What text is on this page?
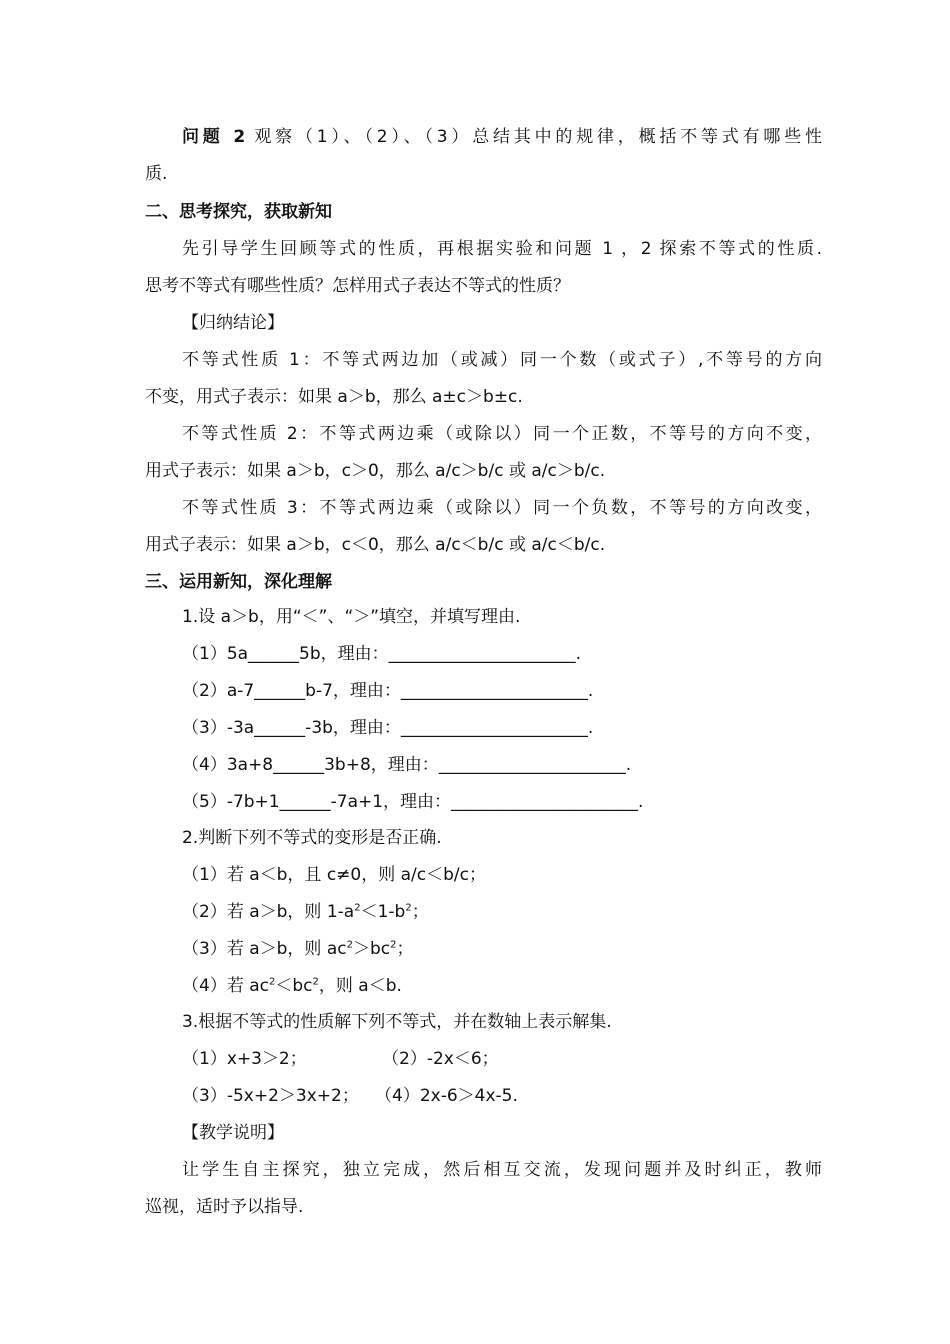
问题 2 观察（1）、（2）、（3）总结其中的规律，概括不等式有哪些性
质.
二、思考探究，获取新知
先引导学生回顾等式的性质，再根据实验和问题 1 ，2 探索不等式的性质.
思考不等式有哪些性质？怎样用式子表达不等式的性质？
【归纳结论】
不等式性质 1：不等式两边加（或减）同一个数（或式子）,不等号的方向
不变，用式子表示：如果 a＞b，那么 a±c＞b±c.
不等式性质 2：不等式两边乘（或除以）同一个正数，不等号的方向不变，
用式子表示：如果 a＞b，c＞0，那么 a/c＞b/c 或 a/c＞b/c.
不等式性质 3：不等式两边乘（或除以）同一个负数，不等号的方向改变，
用式子表示：如果 a＞b，c＜0，那么 a/c＜b/c 或 a/c＜b/c.
三、运用新知，深化理解
1.设 a＞b，用“＜”、“＞”填空，并填写理由.
（1）5a______5b，理由：______________________.
（2）a-7______b-7，理由：______________________.
（3）-3a______-3b，理由：______________________.
（4）3a+8______3b+8，理由：______________________.
（5）-7b+1______-7a+1，理由：______________________.
2.判断下列不等式的变形是否正确.
（1）若 a＜b，且 c≠0，则 a/c＜b/c；
（2）若 a＞b，则 $1-a^2<1-b^2$；
（3）若 a＞b，则 $ac^2>bc^2$；
（4）若 $ac^2<bc^2$，则 a＜b.
3.根据不等式的性质解下列不等式，并在数轴上表示解集.
（1）x+3＞2；	（2）-2x＜6；
（3）-5x+2＞3x+2； （4）2x-6＞4x-5.
【教学说明】
让学生自主探究，独立完成，然后相互交流，发现问题并及时纠正，教师
巡视，适时予以指导.
